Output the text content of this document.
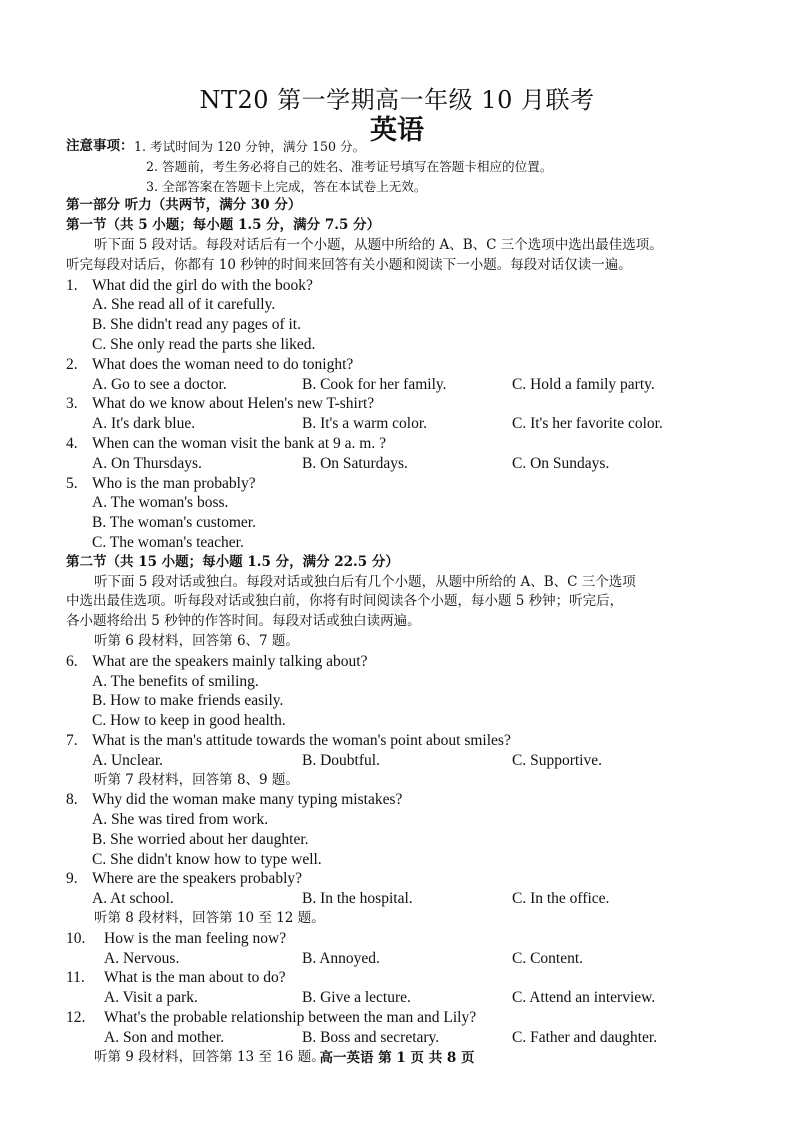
NT20 第一学期高一年级 10 月联考
英语
注意事项： 1. 考试时间为 120 分钟，满分 150 分。
2. 答题前，考生务必将自己的姓名、准考证号填写在答题卡相应的位置。
3. 全部答案在答题卡上完成，答在本试卷上无效。
第一部分 听力（共两节，满分 30 分）
第一节（共 5 小题；每小题 1.5 分，满分 7.5 分）
听下面 5 段对话。每段对话后有一个小题，从题中所给的 A、B、C 三个选项中选出最佳选项。
听完每段对话后，你都有 10 秒钟的时间来回答有关小题和阅读下一小题。每段对话仅读一遍。
1. What did the girl do with the book?
A. She read all of it carefully.
B. She didn't read any pages of it.
C. She only read the parts she liked.
2. What does the woman need to do tonight?
A. Go to see a doctor.	B. Cook for her family.	C. Hold a family party.
3. What do we know about Helen's new T-shirt?
A. It's dark blue.	B. It's a warm color.	C. It's her favorite color.
4. When can the woman visit the bank at 9 a. m. ?
A. On Thursdays.	B. On Saturdays.	C. On Sundays.
5. Who is the man probably?
A. The woman's boss.
B. The woman's customer.
C. The woman's teacher.
第二节（共 15 小题；每小题 1.5 分，满分 22.5 分）
听下面 5 段对话或独白。每段对话或独白后有几个小题，从题中所给的 A、B、C 三个选项
中选出最佳选项。听每段对话或独白前，你将有时间阅读各个小题，每小题 5 秒钟；听完后，
各小题将给出 5 秒钟的作答时间。每段对话或独白读两遍。
听第 6 段材料，回答第 6、7 题。
6. What are the speakers mainly talking about?
A. The benefits of smiling.
B. How to make friends easily.
C. How to keep in good health.
7. What is the man's attitude towards the woman's point about smiles?
A. Unclear.	B. Doubtful.	C. Supportive.
听第 7 段材料，回答第 8、9 题。
8. Why did the woman make many typing mistakes?
A. She was tired from work.
B. She worried about her daughter.
C. She didn't know how to type well.
9. Where are the speakers probably?
A. At school.	B. In the hospital.	C. In the office.
听第 8 段材料，回答第 10 至 12 题。
10.	How is the man feeling now?
A. Nervous.	B. Annoyed.	C. Content.
11.	What is the man about to do?
A. Visit a park.	B. Give a lecture.	C. Attend an interview.
12.	What's the probable relationship between the man and Lily?
A. Son and mother.	B. Boss and secretary.	C. Father and daughter.
听第 9 段材料，回答第 13 至 16 题。
高一英语 第 1 页 共 8 页
